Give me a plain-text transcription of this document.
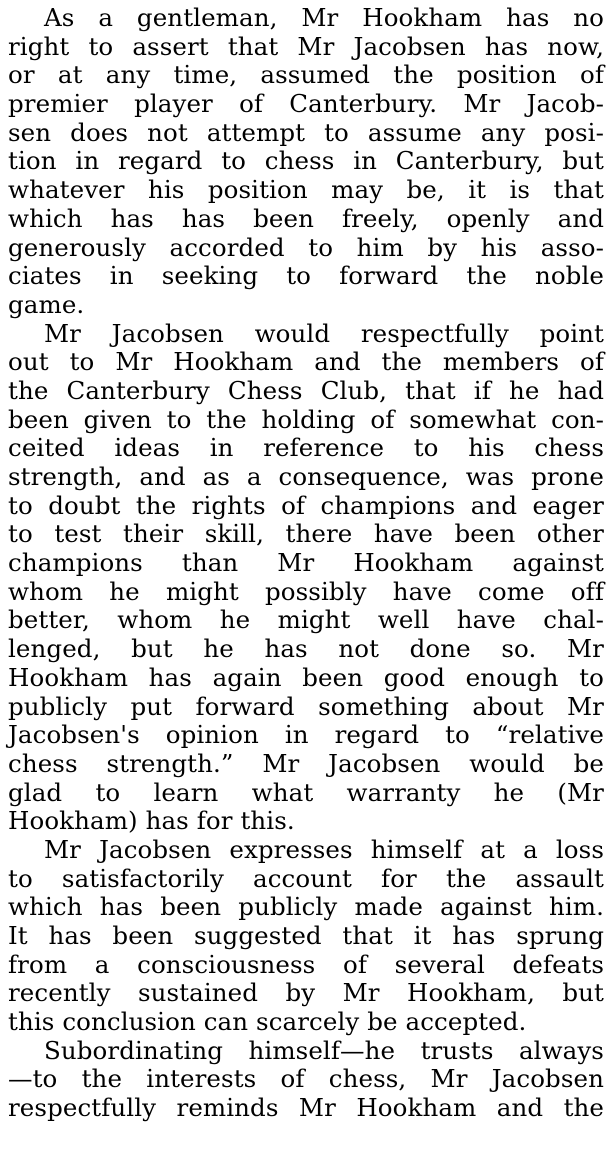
As a gentleman, Mr Hookham has no
right to assert that Mr Jacobsen has now,
or at any time, assumed the position of
premier player of Canterbury. Mr Jacob-
sen does not attempt to assume any posi-
tion in regard to chess in Canterbury, but
whatever his position may be, it is that
which has has been freely, openly and
generously accorded to him by his asso-
ciates in seeking to forward the noble
game.
Mr Jacobsen would respectfully point
out to Mr Hookham and the members of
the Canterbury Chess Club, that if he had
been given to the holding of somewhat con-
ceited ideas in reference to his chess
strength, and as a consequence, was prone
to doubt the rights of champions and eager
to test their skill, there have been other
champions than Mr Hookham against
whom he might possibly have come off
better, whom he might well have chal-
lenged, but he has not done so. Mr
Hookham has again been good enough to
publicly put forward something about Mr
Jacobsen's opinion in regard to “relative
chess strength.” Mr Jacobsen would be
glad to learn what warranty he (Mr
Hookham) has for this.
Mr Jacobsen expresses himself at a loss
to satisfactorily account for the assault
which has been publicly made against him.
It has been suggested that it has sprung
from a consciousness of several defeats
recently sustained by Mr Hookham, but
this conclusion can scarcely be accepted.
Subordinating himself—he trusts always
—to the interests of chess, Mr Jacobsen
respectfully reminds Mr Hookham and the
